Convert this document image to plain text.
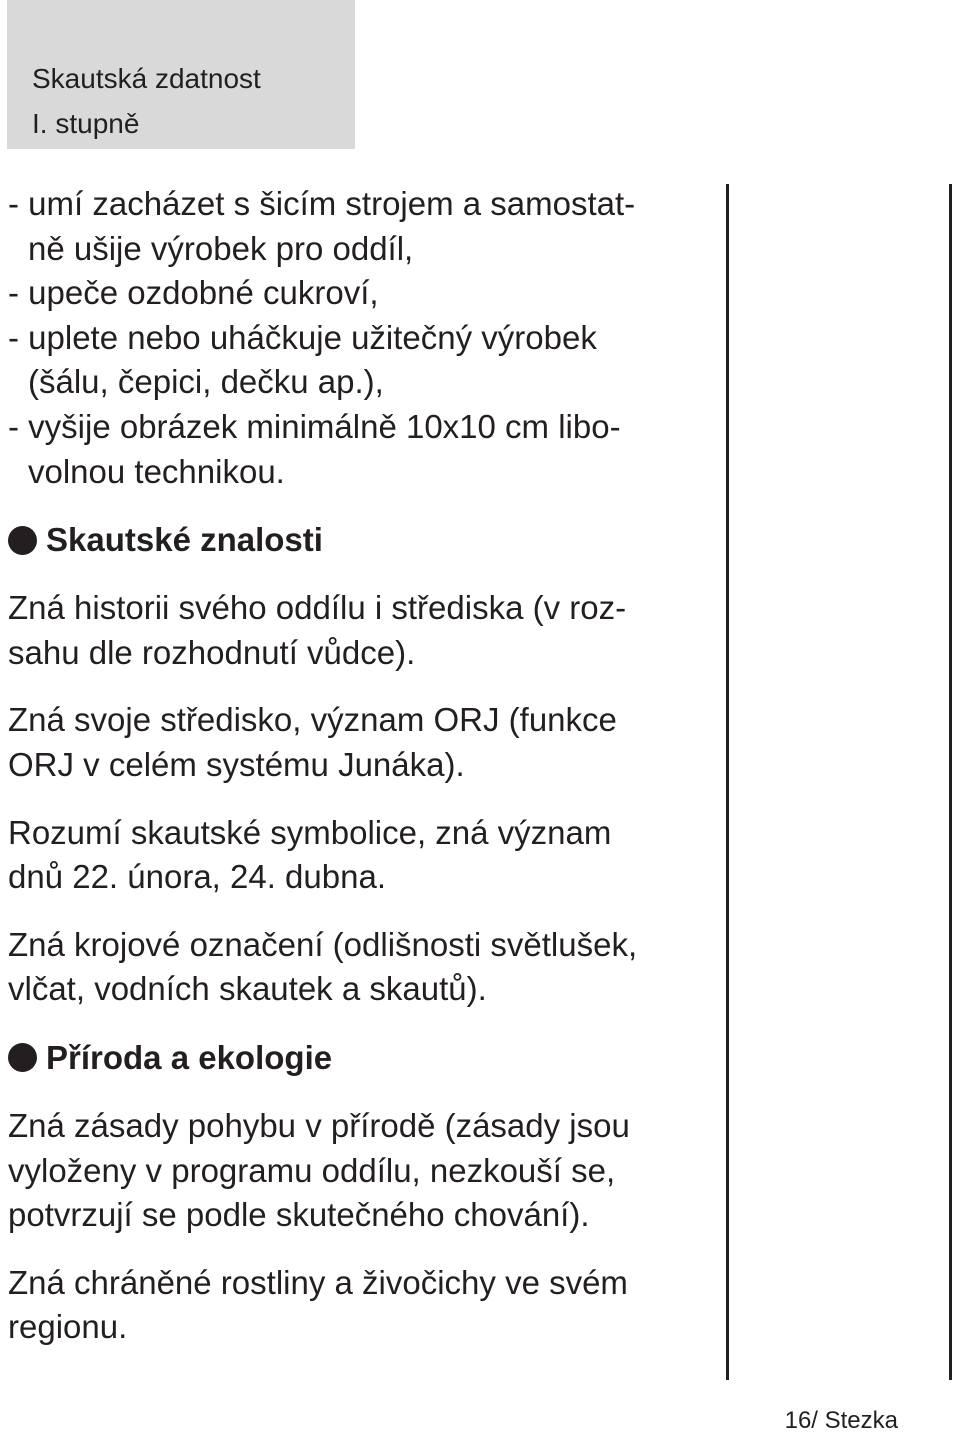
Skautská zdatnost
I. stupně
- umí zacházet s šicím strojem a samostat-
ně ušije výrobek pro oddíl,
- upeče ozdobné cukroví,
- uplete nebo uháčkuje užitečný výrobek
(šálu, čepici, dečku ap.),
- vyšije obrázek minimálně 10x10 cm libo-
volnou technikou.
Skautské znalosti

Zná historii svého oddílu i střediska (v roz-
sahu dle rozhodnutí vůdce).

Zná svoje středisko, význam ORJ (funkce
ORJ v celém systému Junáka).

Rozumí skautské symbolice, zná význam
dnů 22. února, 24. dubna.

Zná krojové označení (odlišnosti světlušek,
vlčat, vodních skautek a skautů).

Příroda a ekologie

Zná zásady pohybu v přírodě (zásady jsou
vyloženy v programu oddílu, nezkouší se,
potvrzují se podle skutečného chování).

Zná chráněné rostliny a živočichy ve svém
regionu.

16/ Stezka
